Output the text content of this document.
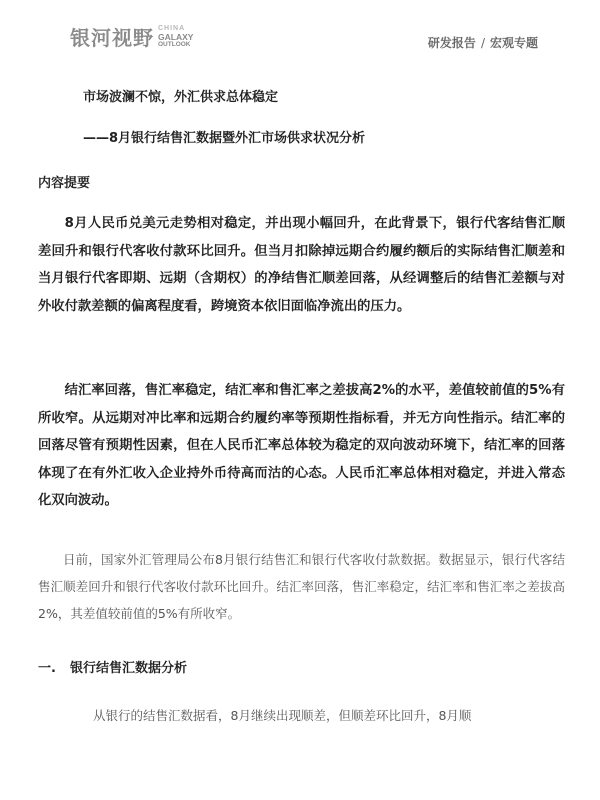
银河视野 CHINA
GALAXY
OUTLOOK	研发报告 / 宏观专题
市场波澜不惊，外汇供求总体稳定
——8月银行结售汇数据暨外汇市场供求状况分析
内容提要

8月人民币兑美元走势相对稳定，并出现小幅回升，在此背景下，银行代客结售汇顺差回升和银行代客收付款环比回升。但当月扣除掉远期合约履约额后的实际结售汇顺差和当月银行代客即期、远期（含期权）的净结售汇顺差回落，从经调整后的结售汇差额与对外收付款差额的偏离程度看，跨境资本依旧面临净流出的压力。

结汇率回落，售汇率稳定，结汇率和售汇率之差拔高2%的水平，差值较前值的5%有所收窄。从远期对冲比率和远期合约履约率等预期性指标看，并无方向性指示。结汇率的回落尽管有预期性因素，但在人民币汇率总体较为稳定的双向波动环境下，结汇率的回落体现了在有外汇收入企业持外币待高而沽的心态。人民币汇率总体相对稳定，并进入常态化双向波动。

日前，国家外汇管理局公布8月银行结售汇和银行代客收付款数据。数据显示，银行代客结售汇顺差回升和银行代客收付款环比回升。结汇率回落，售汇率稳定，结汇率和售汇率之差拔高2%，其差值较前值的5%有所收窄。

一. 银行结售汇数据分析

从银行的结售汇数据看，8月继续出现顺差，但顺差环比回升，8月顺
